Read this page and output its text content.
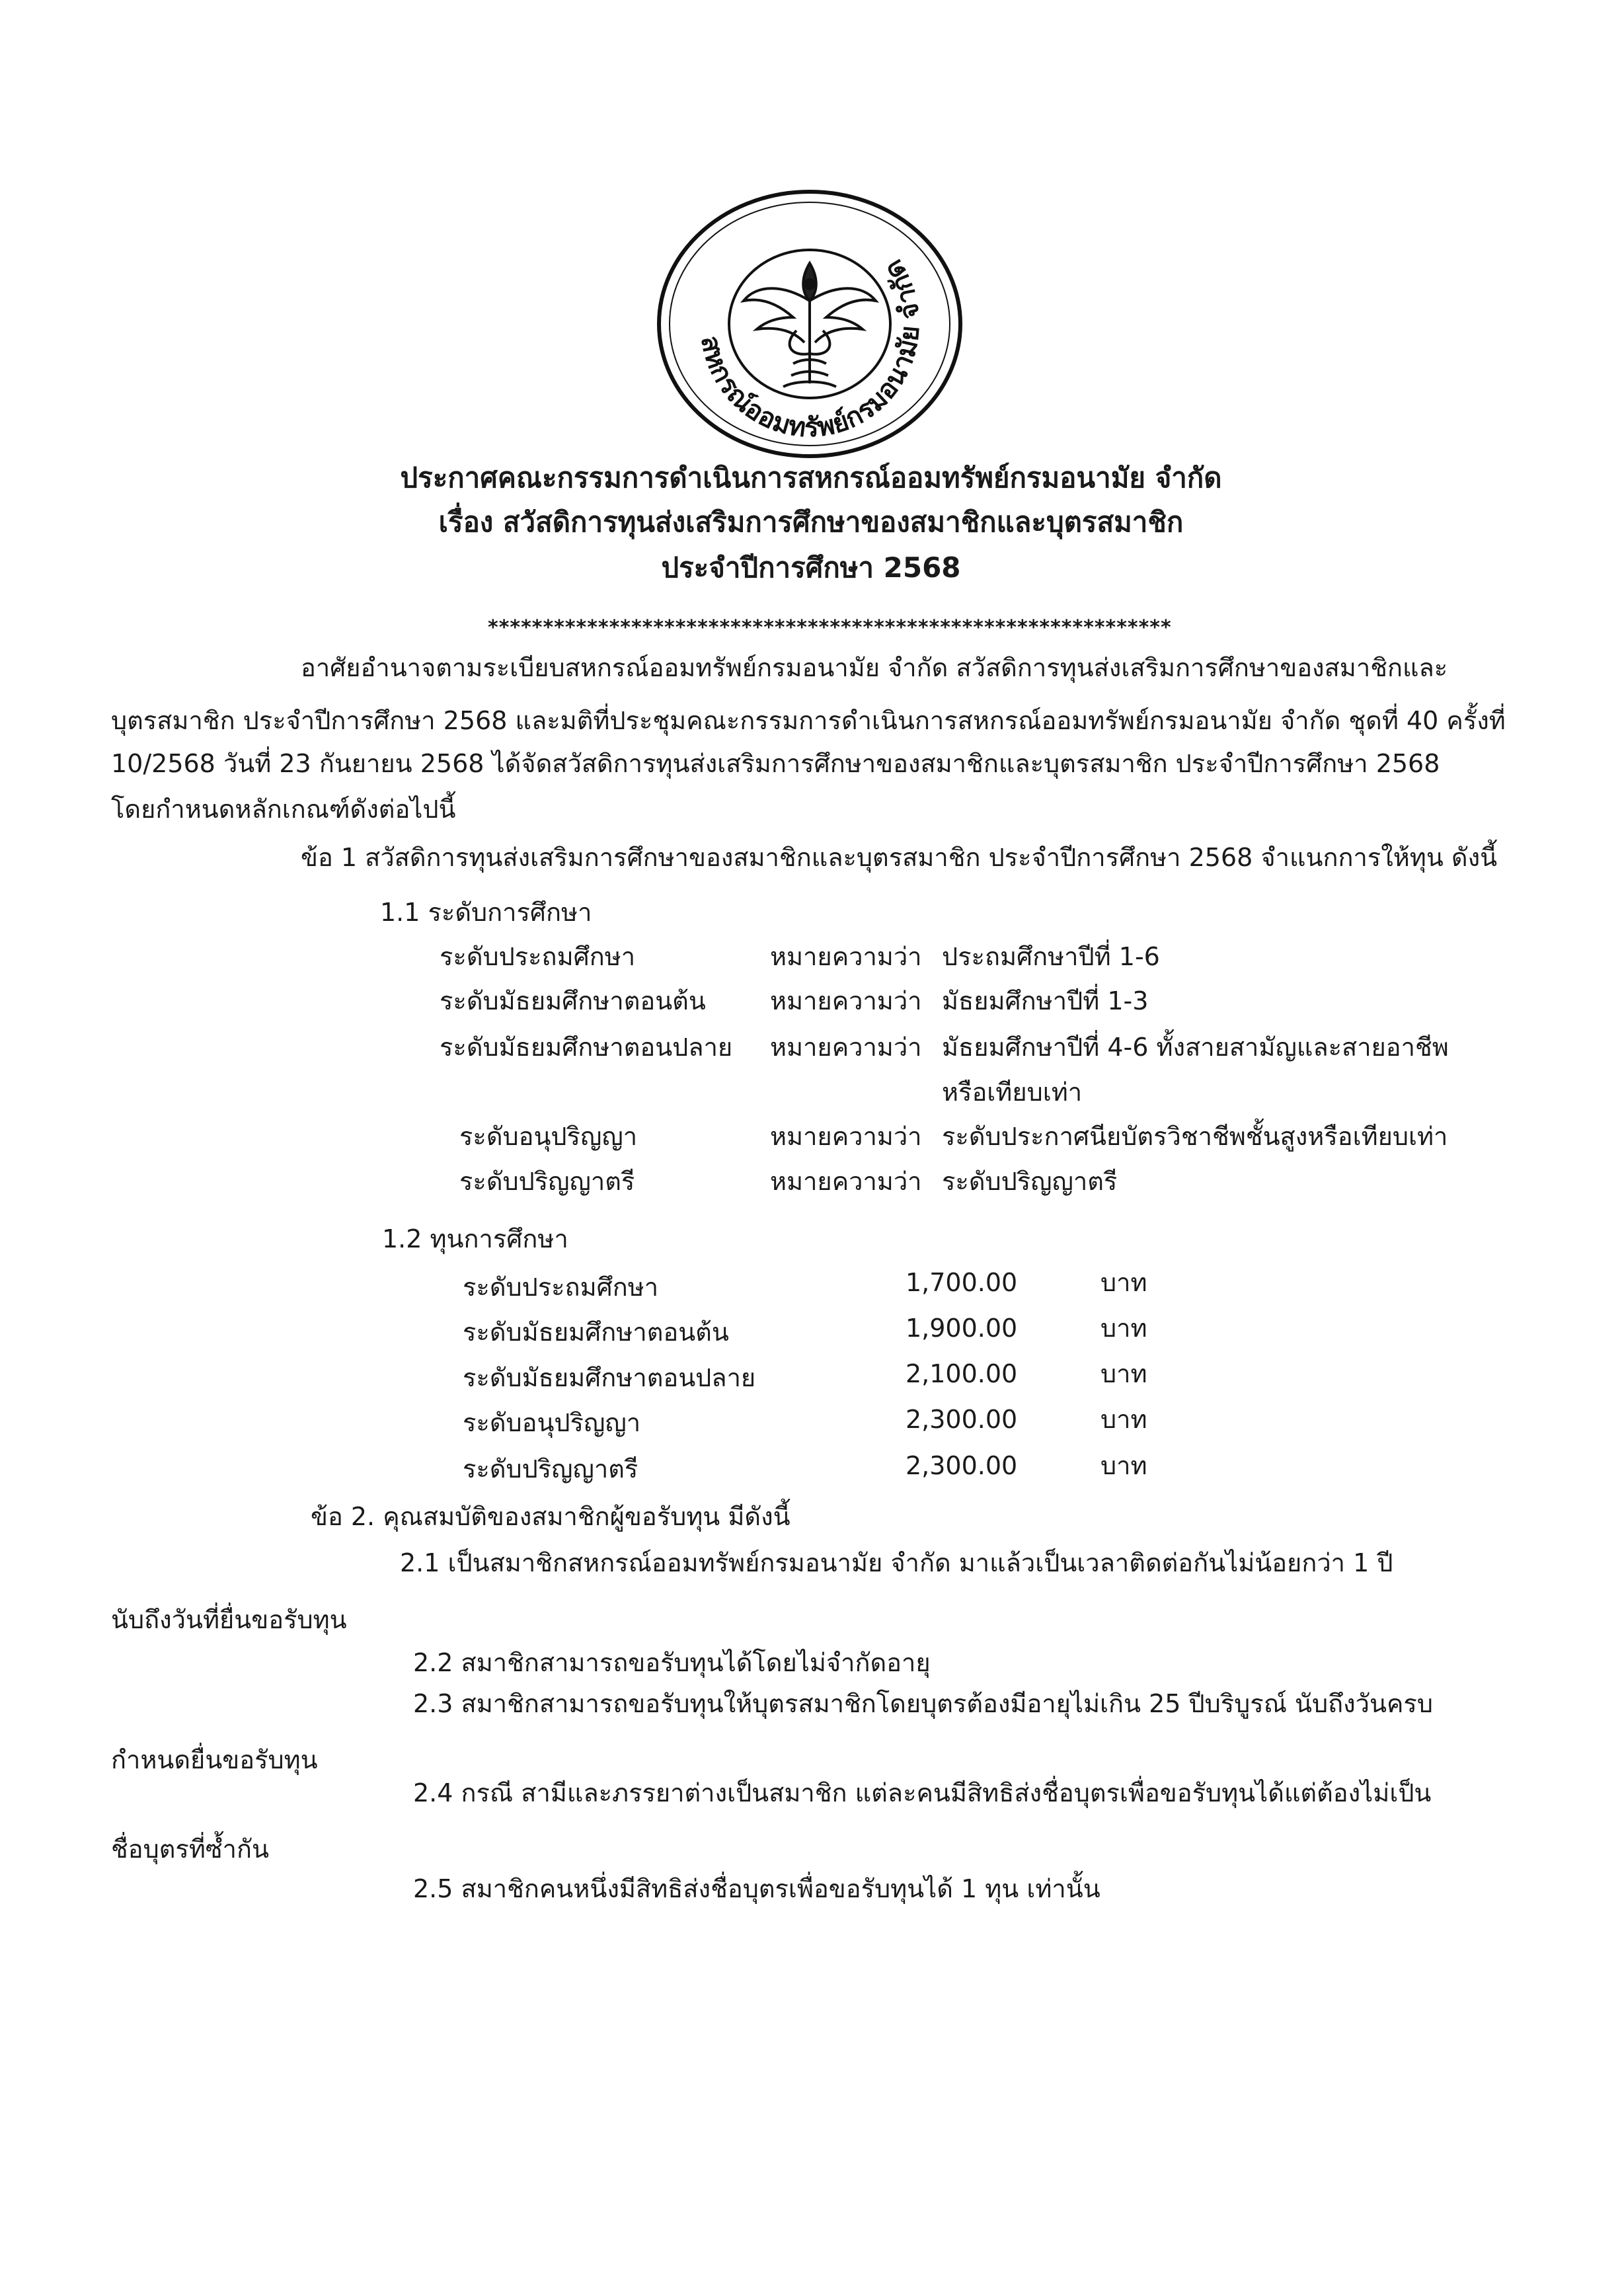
สหกรณ์ออมทรัพย์กรมอนามัย จำกัด
ประกาศคณะกรรมการดำเนินการสหกรณ์ออมทรัพย์กรมอนามัย จำกัด
เรื่อง สวัสดิการทุนส่งเสริมการศึกษาของสมาชิกและบุตรสมาชิก
ประจำปีการศึกษา 2568
**************************************************************
อาศัยอำนาจตามระเบียบสหกรณ์ออมทรัพย์กรมอนามัย จำกัด สวัสดิการทุนส่งเสริมการศึกษาของสมาชิกและ
บุตรสมาชิก ประจำปีการศึกษา 2568 และมติที่ประชุมคณะกรรมการดำเนินการสหกรณ์ออมทรัพย์กรมอนามัย จำกัด ชุดที่ 40 ครั้งที่
10/2568 วันที่ 23 กันยายน 2568 ได้จัดสวัสดิการทุนส่งเสริมการศึกษาของสมาชิกและบุตรสมาชิก ประจำปีการศึกษา 2568
โดยกำหนดหลักเกณฑ์ดังต่อไปนี้
ข้อ 1 สวัสดิการทุนส่งเสริมการศึกษาของสมาชิกและบุตรสมาชิก ประจำปีการศึกษา 2568 จำแนกการให้ทุน ดังนี้
1.1 ระดับการศึกษา
ระดับประถมศึกษา	หมายความว่า ประถมศึกษาปีที่ 1-6
ระดับมัธยมศึกษาตอนต้น	หมายความว่า มัธยมศึกษาปีที่ 1-3
ระดับมัธยมศึกษาตอนปลาย หมายความว่า มัธยมศึกษาปีที่ 4-6 ทั้งสายสามัญและสายอาชีพ
หรือเทียบเท่า
ระดับอนุปริญญา	หมายความว่า ระดับประกาศนียบัตรวิชาชีพชั้นสูงหรือเทียบเท่า
ระดับปริญญาตรี	หมายความว่า ระดับปริญญาตรี
1.2 ทุนการศึกษา
ระดับประถมศึกษา	1,700.00	บาท
ระดับมัธยมศึกษาตอนต้น	1,900.00	บาท
ระดับมัธยมศึกษาตอนปลาย	2,100.00	บาท
ระดับอนุปริญญา	2,300.00	บาท
ระดับปริญญาตรี	2,300.00	บาท
ข้อ 2. คุณสมบัติของสมาชิกผู้ขอรับทุน มีดังนี้
2.1 เป็นสมาชิกสหกรณ์ออมทรัพย์กรมอนามัย จำกัด มาแล้วเป็นเวลาติดต่อกันไม่น้อยกว่า 1 ปี
นับถึงวันที่ยื่นขอรับทุน
2.2 สมาชิกสามารถขอรับทุนได้โดยไม่จำกัดอายุ
2.3 สมาชิกสามารถขอรับทุนให้บุตรสมาชิกโดยบุตรต้องมีอายุไม่เกิน 25 ปีบริบูรณ์ นับถึงวันครบ
กำหนดยื่นขอรับทุน
2.4 กรณี สามีและภรรยาต่างเป็นสมาชิก แต่ละคนมีสิทธิส่งชื่อบุตรเพื่อขอรับทุนได้แต่ต้องไม่เป็น
ชื่อบุตรที่ซ้ำกัน
2.5 สมาชิกคนหนึ่งมีสิทธิส่งชื่อบุตรเพื่อขอรับทุนได้ 1 ทุน เท่านั้น
